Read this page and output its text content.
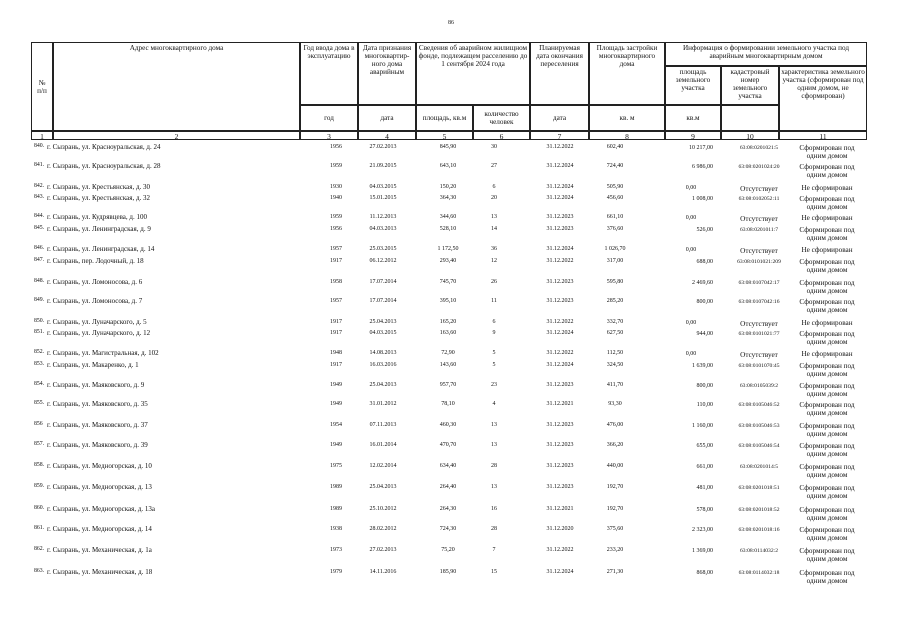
86
№
п/п
Адрес многоквартирного дома	Год ввода дома в эксплуатацию
Дата признания многоквартир-ного дома аварийным
Сведения об аварийном жилищном фонде, подлежащем расселению до 1 сентября 2024 года
Планируемая дата окончания переселения
Площадь застройки многоквартирного дома
Информация о формировании земельного участка под аварийным многоквартирным домом
площадь земельного участка
кадастровый номер земельного участка
характеристика земельного участка (сформирован под одним домом, не сформирован)
год	дата	площадь, кв.м	количество человек	дата	кв. м	кв.м
1	2	3	4	5	6	7	8	9	10	11
840. г. Сызрань, ул. Красноуральская, д. 24	1956	27.02.2013	845,90	30	31.12.2022	602,40	10 217,00	63:08:0201021:5	Сформирован под одним домом
841. г. Сызрань, ул. Красноуральская, д. 28	1959	21.09.2015	643,10	27	31.12.2024	724,40	6 986,00	63:08:0201024:20	Сформирован под одним домом
842. г. Сызрань, ул. Крестьянская, д. 30	1930	04.03.2015	150,20	6	31.12.2024	505,90	0,00	Отсутствует	Не сформирован
843. г. Сызрань, ул. Крестьянская, д. 32	1940	15.01.2015	364,30	20	31.12.2024	456,60	1 008,00	63:08:0102052:11	Сформирован под одним домом
844. г. Сызрань, ул. Кудрявцева, д. 100	1959	11.12.2013	344,60	13	31.12.2023	661,10	0,00	Отсутствует	Не сформирован
845. г. Сызрань, ул. Ленинградская, д. 9	1956	04.03.2013	528,10	14	31.12.2023	376,60	526,00	63:08:0201011:7	Сформирован под одним домом
846. г. Сызрань, ул. Ленинградская, д. 14	1957	25.03.2015	1 172,50	36	31.12.2024	1 026,70	0,00	Отсутствует	Не сформирован
847. г. Сызрань, пер. Лодочный, д. 18	1917	06.12.2012	293,40	12	31.12.2022	317,00	688,00	63:08:0101021:209	Сформирован под одним домом
848. г. Сызрань, ул. Ломоносова, д. 6	1958	17.07.2014	745,70	26	31.12.2023	595,80	2 469,60	63:08:0107042:17	Сформирован под одним домом
849. г. Сызрань, ул. Ломоносова, д. 7	1957	17.07.2014	395,10	11	31.12.2023	285,20	800,00	63:08:0107042:16	Сформирован под одним домом
850. г. Сызрань, ул. Луначарского, д. 5	1917	25.04.2013	165,20	6	31.12.2022	332,70	0,00	Отсутствует	Не сформирован
851. г. Сызрань, ул. Луначарского, д. 12	1917	04.03.2015	163,60	9	31.12.2024	627,50	944,00	63:08:0101021:77	Сформирован под одним домом
852. г. Сызрань, ул. Магистральная, д. 102	1948	14.08.2013	72,90	5	31.12.2022	112,50	0,00	Отсутствует	Не сформирован
853. г. Сызрань, ул. Макаренко, д. 1	1917	16.03.2016	143,60	5	31.12.2024	324,50	1 639,00	63:08:0101070:45	Сформирован под одним домом
854. г. Сызрань, ул. Маяковского, д. 9	1949	25.04.2013	957,70	23	31.12.2023	411,70	800,00	63:08:0105039:2	Сформирован под одним домом
855. г. Сызрань, ул. Маяковского, д. 35	1949	31.01.2012	78,10	4	31.12.2021	93,30	110,00	63:08:0105046:52	Сформирован под одним домом
856 г. Сызрань, ул. Маяковского, д. 37	1954	07.11.2013	460,30	13	31.12.2023	476,00	1 160,00	63:08:0105046:53	Сформирован под одним домом
857. г. Сызрань, ул. Маяковского, д. 39	1949	16.01.2014	470,70	13	31.12.2023	366,20	655,00	63:08:0105046:54	Сформирован под одним домом
858. г. Сызрань, ул. Медногорская, д. 10	1975	12.02.2014	634,40	28	31.12.2023	440,00	661,00	63:08:0201014:5	Сформирован под одним домом
859. г. Сызрань, ул. Медногорская, д. 13	1989	25.04.2013	264,40	13	31.12.2023	192,70	481,00	63:08:0201018:51	Сформирован под одним домом
860. г. Сызрань, ул. Медногорская, д. 13а	1989	25.10.2012	264,30	16	31.12.2021	192,70	578,00	63:08:0201018:52	Сформирован под одним домом
861. г. Сызрань, ул. Медногорская, д. 14	1938	28.02.2012	724,30	28	31.12.2020	375,60	2 323,00	63:08:0201018:16	Сформирован под одним домом
862. г. Сызрань, ул. Механическая, д. 1а	1973	27.02.2013	75,20	7	31.12.2022	233,20	1 369,00	63:08:0114032:2	Сформирован под одним домом
863. г. Сызрань, ул. Механическая, д. 18	1979	14.11.2016	185,90	15	31.12.2024	271,30	868,00	63:08:0114032:18	Сформирован под одним домом
